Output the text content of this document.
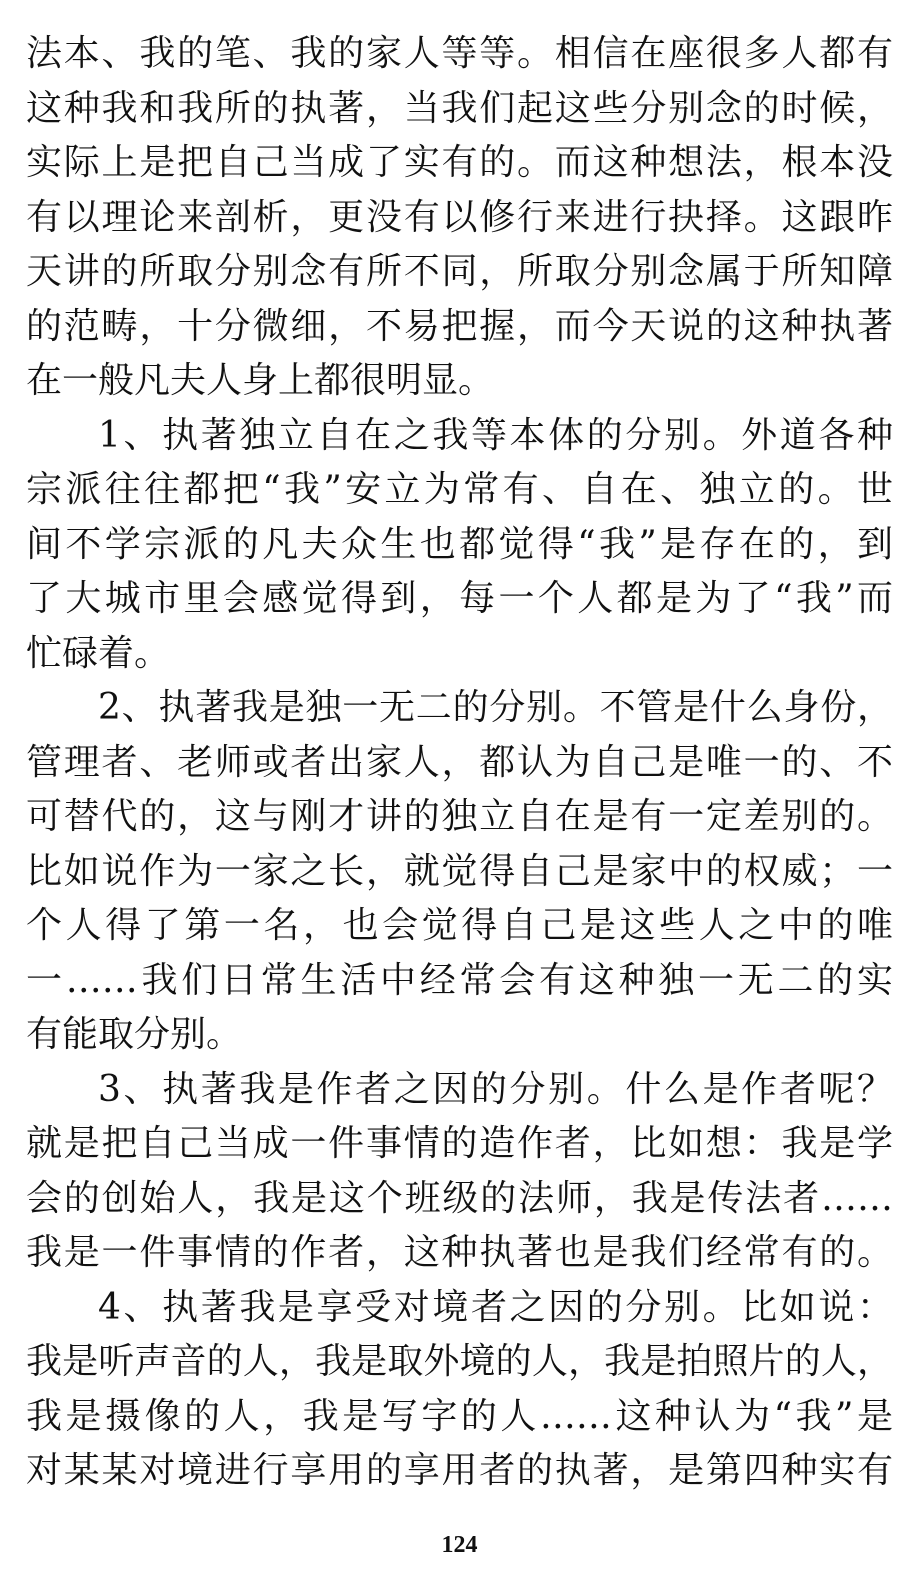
法本、我的笔、我的家人等等。相信在座很多人都有
这种我和我所的执著，当我们起这些分别念的时候，
实际上是把自己当成了实有的。而这种想法，根本没
有以理论来剖析，更没有以修行来进行抉择。这跟昨
天讲的所取分别念有所不同，所取分别念属于所知障
的范畴，十分微细，不易把握，而今天说的这种执著
在一般凡夫人身上都很明显。
1、执著独立自在之我等本体的分别。外道各种
宗派往往都把“我”安立为常有、自在、独立的。世
间不学宗派的凡夫众生也都觉得“我”是存在的，到
了大城市里会感觉得到，每一个人都是为了“我”而
忙碌着。
2、执著我是独一无二的分别。不管是什么身份，
管理者、老师或者出家人，都认为自己是唯一的、不
可替代的，这与刚才讲的独立自在是有一定差别的。
比如说作为一家之长，就觉得自己是家中的权威；一
个人得了第一名，也会觉得自己是这些人之中的唯
一……我们日常生活中经常会有这种独一无二的实
有能取分别。
3、执著我是作者之因的分别。什么是作者呢？
就是把自己当成一件事情的造作者，比如想：我是学
会的创始人，我是这个班级的法师，我是传法者……
我是一件事情的作者，这种执著也是我们经常有的。
4、执著我是享受对境者之因的分别。比如说：
我是听声音的人，我是取外境的人，我是拍照片的人，
我是摄像的人，我是写字的人……这种认为“我”是
对某某对境进行享用的享用者的执著，是第四种实有
124
